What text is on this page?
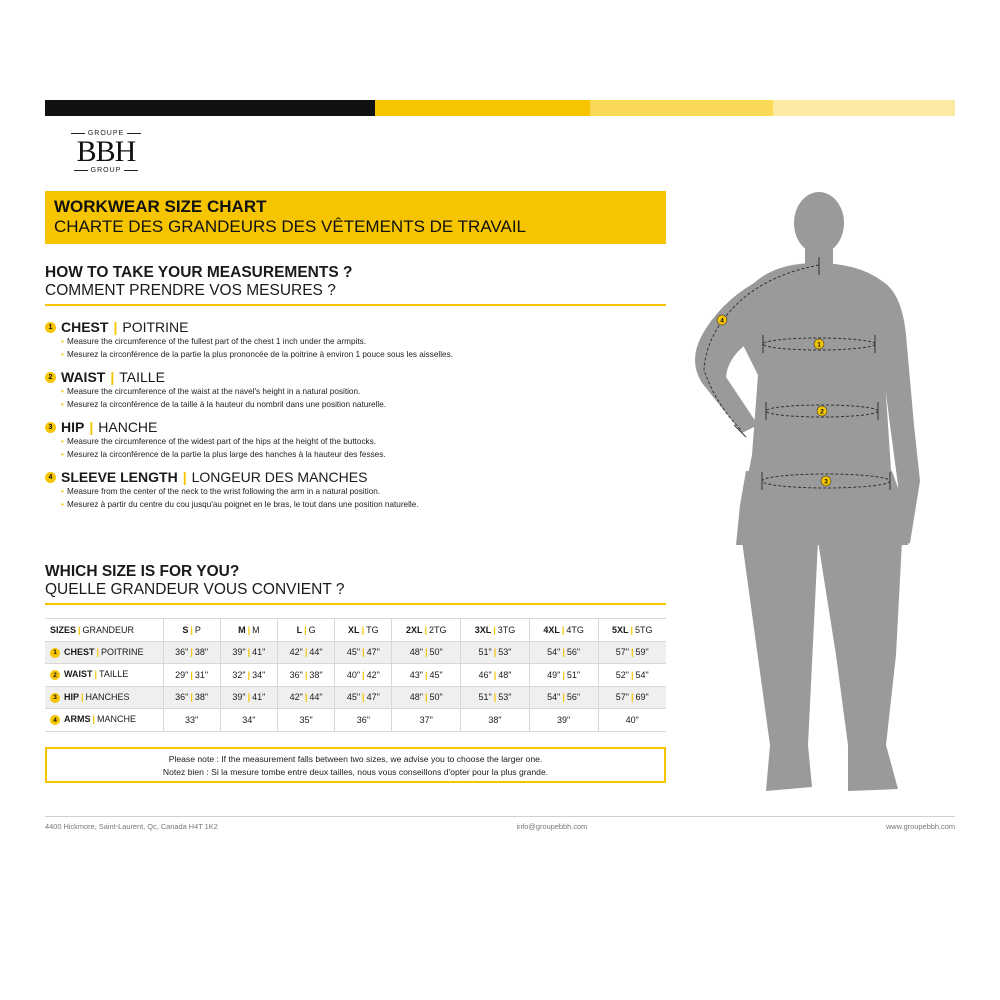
GROUPE
BBH
GROUP
WORKWEAR SIZE CHART
CHARTE DES GRANDEURS DES VÊTEMENTS DE TRAVAIL
HOW TO TAKE YOUR MEASUREMENTS ?
COMMENT PRENDRE VOS MESURES ?
1 CHEST | POITRINE
• Measure the circumference of the fullest part of the chest 1 inch under the armpits.
• Mesurez la circonférence de la partie la plus prononcée de la poitrine à environ 1 pouce sous les aisselles.
2 WAIST | TAILLE
• Measure the circumference of the waist at the navel's height in a natural position.
• Mesurez la circonférence de la taille à la hauteur du nombril dans une position naturelle.
3 HIP | HANCHE
• Measure the circumference of the widest part of the hips at the height of the buttocks.
• Mesurez la circonférence de la partie la plus large des hanches à la hauteur des fesses.
4 SLEEVE LENGTH | LONGEUR DES MANCHES
• Measure from the center of the neck to the wrist following the arm in a natural position.
• Mesurez à partir du centre du cou jusqu'au poignet en le bras, le tout dans une position naturelle.
WHICH SIZE IS FOR YOU?
QUELLE GRANDEUR VOUS CONVIENT ?
SIZES | GRANDEUR	S | P	M | M	L | G	XL | TG	2XL | 2TG	3XL | 3TG	4XL | 4TG	5XL | 5TG
1 CHEST | POITRINE	36" | 38"	39" | 41"	42" | 44"	45" | 47"	48" | 50"	51" | 53"	54" | 56"	57" | 59"
2 WAIST | TAILLE	29" | 31"	32" | 34"	36" | 38"	40" | 42"	43" | 45"	46" | 48"	49" | 51"	52" | 54"
3 HIP | HANCHES	36" | 38"	39" | 41"	42" | 44"	45" | 47"	48" | 50"	51" | 53"	54" | 56"	57" | 69"
4 ARMS | MANCHE	33"	34"	35"	36"	37"	38"	39"	40"
Please note : If the measurement falls between two sizes, we advise you to choose the larger one.
Notez bien : Si la mesure tombe entre deux tailles, nous vous conseillons d'opter pour la plus grande.
4400 Hickmore, Saint-Laurent, Qc, Canada H4T 1K2	info@groupebbh.com	www.groupebbh.com
1
2
3
4
